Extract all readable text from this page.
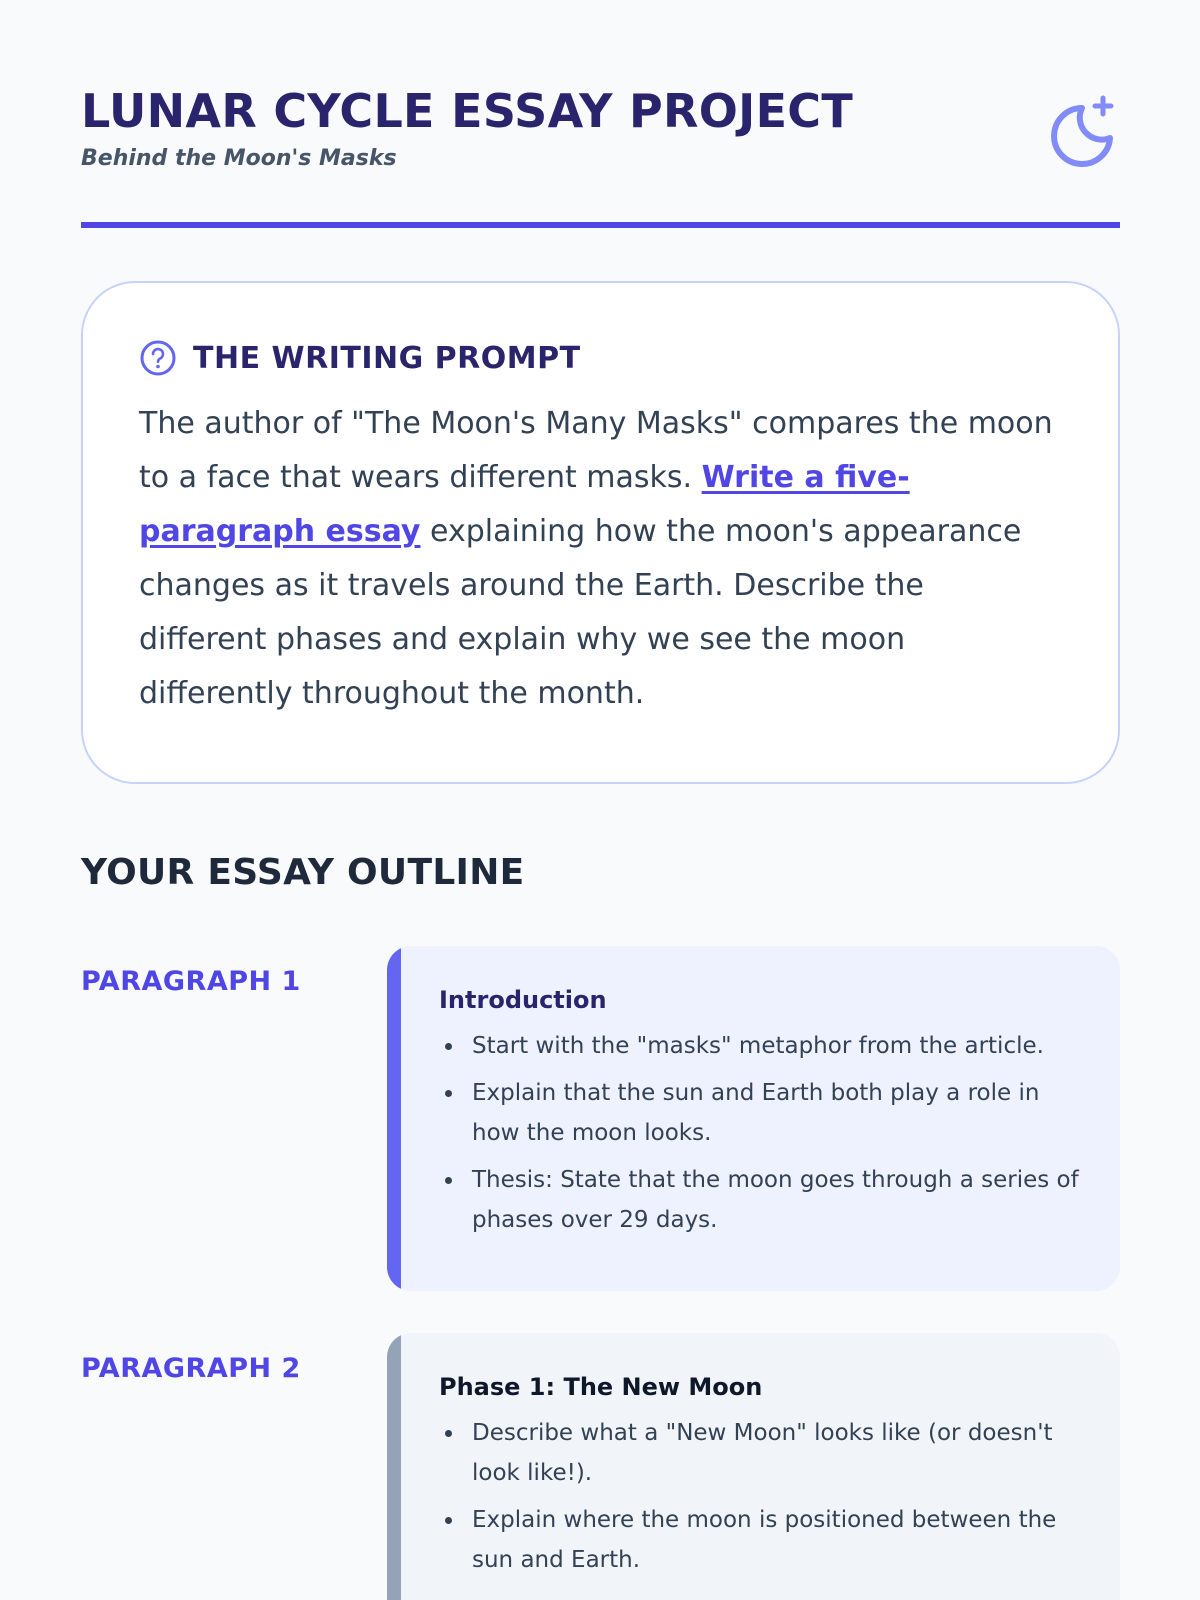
LUNAR CYCLE ESSAY PROJECT
Behind the Moon's Masks
THE WRITING PROMPT

The author of "The Moon's Many Masks" compares the moon to a face that wears different masks. Write a five-paragraph essay explaining how the moon's appearance changes as it travels around the Earth. Describe the different phases and explain why we see the moon differently throughout the month.

YOUR ESSAY OUTLINE
PARAGRAPH 1
Introduction
Start with the "masks" metaphor from the article.
Explain that the sun and Earth both play a role in how the moon looks.
Thesis: State that the moon goes through a series of phases over 29 days.
PARAGRAPH 2
Phase 1: The New Moon
Describe what a "New Moon" looks like (or doesn't look like!).
Explain where the moon is positioned between the sun and Earth.
